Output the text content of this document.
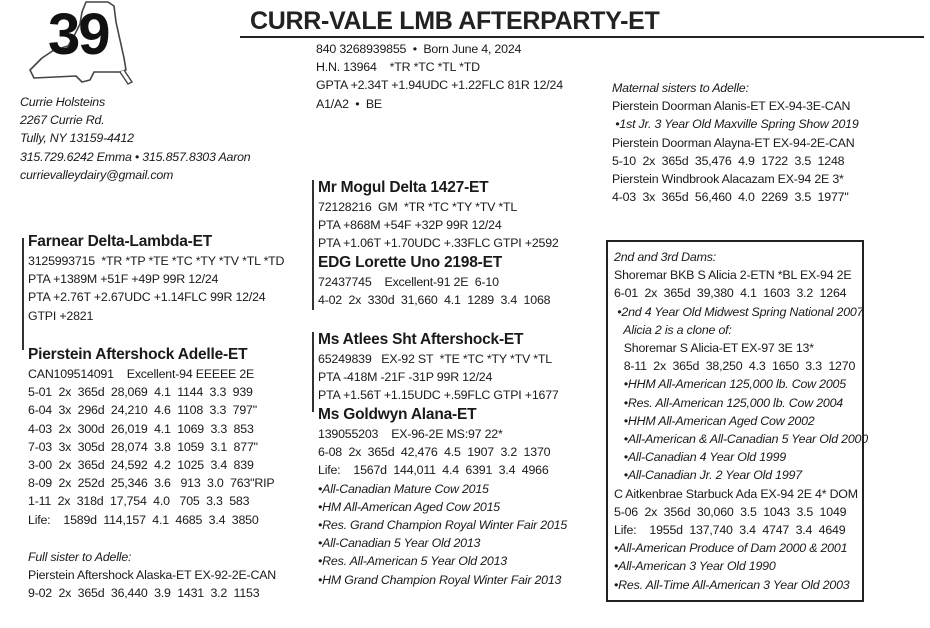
39	CURR-VALE LMB AFTERPARTY-ET
Currie Holsteins
2267 Currie Rd.
Tully, NY 13159-4412
315.729.6242 Emma • 315.857.8303 Aaron
currievalleydairy@gmail.com
840 3268939855  •  Born June 4, 2024
H.N. 13964    *TR *TC *TL *TD
GPTA +2.34T +1.94UDC +1.22FLC 81R 12/24
A1/A2  •  BE
Farnear Delta-Lambda-ET
3125993715  *TR *TP *TE *TC *TY *TV *TL *TD
PTA +1389M +51F +49P 99R 12/24
PTA +2.76T +2.67UDC +1.14FLC 99R 12/24
GTPI +2821
Pierstein Aftershock Adelle-ET
CAN109514091    Excellent-94 EEEEE 2E
5-01  2x  365d  28,069  4.1  1144  3.3  939
6-04  3x  296d  24,210  4.6  1108  3.3  797"
4-03  2x  300d  26,019  4.1  1069  3.3  853
7-03  3x  305d  28,074  3.8  1059  3.1  877"
3-00  2x  365d  24,592  4.2  1025  3.4  839
8-09  2x  252d  25,346  3.6   913  3.0  763"RIP
1-11  2x  318d  17,754  4.0   705  3.3  583
Life:    1589d  114,157  4.1  4685  3.4  3850
Full sister to Adelle:
Pierstein Aftershock Alaska-ET EX-92-2E-CAN
9-02  2x  365d  36,440  3.9  1431  3.2  1153
Mr Mogul Delta 1427-ET
72128216  GM  *TR *TC *TY *TV *TL
PTA +868M +54F +32P 99R 12/24
PTA +1.06T +1.70UDC +.33FLC GTPI +2592
EDG Lorette Uno 2198-ET
72437745    Excellent-91 2E  6-10
4-02  2x  330d  31,660  4.1  1289  3.4  1068
Ms Atlees Sht Aftershock-ET
65249839   EX-92 ST  *TE *TC *TY *TV *TL
PTA -418M -21F -31P 99R 12/24
PTA +1.56T +1.15UDC +.59FLC GTPI +1677
Ms Goldwyn Alana-ET
139055203    EX-96-2E MS:97 22*
6-08  2x  365d  42,476  4.5  1907  3.2  1370
Life:    1567d  144,011  4.4  6391  3.4  4966
•All-Canadian Mature Cow 2015
•HM All-American Aged Cow 2015
•Res. Grand Champion Royal Winter Fair 2015
•All-Canadian 5 Year Old 2013
•Res. All-American 5 Year Old 2013
•HM Grand Champion Royal Winter Fair 2013
Maternal sisters to Adelle:
Pierstein Doorman Alanis-ET EX-94-3E-CAN
•1st Jr. 3 Year Old Maxville Spring Show 2019
Pierstein Doorman Alayna-ET EX-94-2E-CAN
5-10  2x  365d  35,476  4.9  1722  3.5  1248
Pierstein Windbrook Alacazam EX-94 2E 3*
4-03  3x  365d  56,460  4.0  2269  3.5  1977"
2nd and 3rd Dams:
Shoremar BKB S Alicia 2-ETN *BL EX-94 2E
6-01  2x  365d  39,380  4.1  1603  3.2  1264
•2nd 4 Year Old Midwest Spring National 2007
Alicia 2 is a clone of:
Shoremar S Alicia-ET EX-97 3E 13*
8-11  2x  365d  38,250  4.3  1650  3.3  1270
•HHM All-American 125,000 lb. Cow 2005
•Res. All-American 125,000 lb. Cow 2004
•HHM All-American Aged Cow 2002
•All-American & All-Canadian 5 Year Old 2000
•All-Canadian 4 Year Old 1999
•All-Canadian Jr. 2 Year Old 1997
C Aitkenbrae Starbuck Ada EX-94 2E 4* DOM
5-06  2x  356d  30,060  3.5  1043  3.5  1049
Life:    1955d  137,740  3.4  4747  3.4  4649
•All-American Produce of Dam 2000 & 2001
•All-American 3 Year Old 1990
•Res. All-Time All-American 3 Year Old 2003
